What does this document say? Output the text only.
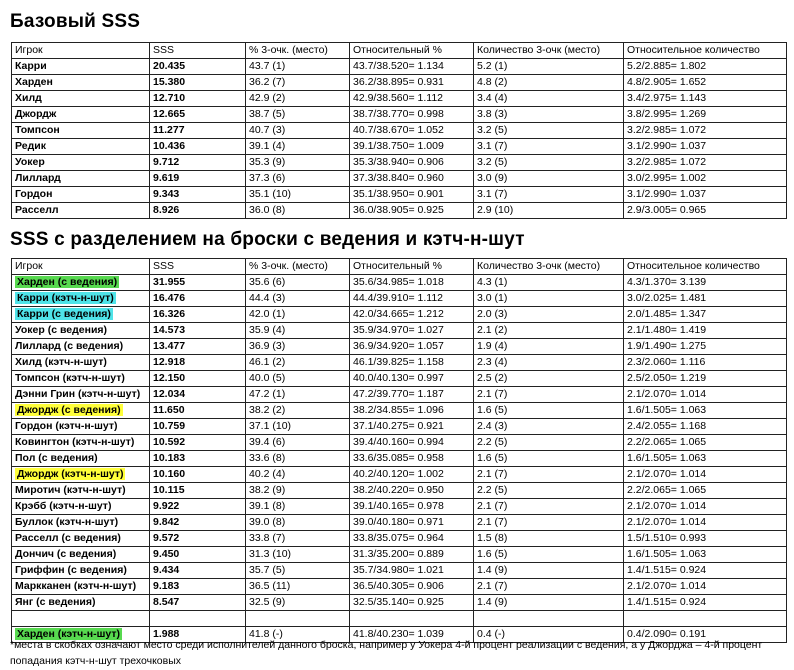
Базовый SSS
Игрок	SSS	% 3-очк. (место)	Относительный %	Количество 3-очк (место)	Относительное количество
Карри	20.435	43.7 (1)	43.7/38.520= 1.134	5.2 (1)	5.2/2.885= 1.802
Харден	15.380	36.2 (7)	36.2/38.895= 0.931	4.8 (2)	4.8/2.905= 1.652
Хилд	12.710	42.9 (2)	42.9/38.560= 1.112	3.4 (4)	3.4/2.975= 1.143
Джордж	12.665	38.7 (5)	38.7/38.770= 0.998	3.8 (3)	3.8/2.995= 1.269
Томпсон	11.277	40.7 (3)	40.7/38.670= 1.052	3.2 (5)	3.2/2.985= 1.072
Редик	10.436	39.1 (4)	39.1/38.750= 1.009	3.1 (7)	3.1/2.990= 1.037
Уокер	9.712	35.3 (9)	35.3/38.940= 0.906	3.2 (5)	3.2/2.985= 1.072
Лиллард	9.619	37.3 (6)	37.3/38.840= 0.960	3.0 (9)	3.0/2.995= 1.002
Гордон	9.343	35.1 (10)	35.1/38.950= 0.901	3.1 (7)	3.1/2.990= 1.037
Расселл	8.926	36.0 (8)	36.0/38.905= 0.925	2.9 (10)	2.9/3.005= 0.965
SSS с разделением на броски с ведения и кэтч-н-шут
Игрок	SSS	% 3-очк. (место)	Относительный %	Количество 3-очк (место)	Относительное количество
Харден (с ведения)	31.955	35.6 (6)	35.6/34.985= 1.018	4.3 (1)	4.3/1.370= 3.139
Карри (кэтч-н-шут)	16.476	44.4 (3)	44.4/39.910= 1.112	3.0 (1)	3.0/2.025= 1.481
Карри (с ведения)	16.326	42.0 (1)	42.0/34.665= 1.212	2.0 (3)	2.0/1.485= 1.347
Уокер (с ведения)	14.573	35.9 (4)	35.9/34.970= 1.027	2.1 (2)	2.1/1.480= 1.419
Лиллард (с ведения)	13.477	36.9 (3)	36.9/34.920= 1.057	1.9 (4)	1.9/1.490= 1.275
Хилд (кэтч-н-шут)	12.918	46.1 (2)	46.1/39.825= 1.158	2.3 (4)	2.3/2.060= 1.116
Томпсон (кэтч-н-шут)	12.150	40.0 (5)	40.0/40.130= 0.997	2.5 (2)	2.5/2.050= 1.219
Дэнни Грин (кэтч-н-шут)	12.034	47.2 (1)	47.2/39.770= 1.187	2.1 (7)	2.1/2.070= 1.014
Джордж (с ведения)	11.650	38.2 (2)	38.2/34.855= 1.096	1.6 (5)	1.6/1.505= 1.063
Гордон (кэтч-н-шут)	10.759	37.1 (10)	37.1/40.275= 0.921	2.4 (3)	2.4/2.055= 1.168
Ковингтон (кэтч-н-шут)	10.592	39.4 (6)	39.4/40.160= 0.994	2.2 (5)	2.2/2.065= 1.065
Пол (с ведения)	10.183	33.6 (8)	33.6/35.085= 0.958	1.6 (5)	1.6/1.505= 1.063
Джордж (кэтч-н-шут)	10.160	40.2 (4)	40.2/40.120= 1.002	2.1 (7)	2.1/2.070= 1.014
Миротич (кэтч-н-шут)	10.115	38.2 (9)	38.2/40.220= 0.950	2.2 (5)	2.2/2.065= 1.065
Крэбб (кэтч-н-шут)	9.922	39.1 (8)	39.1/40.165= 0.978	2.1 (7)	2.1/2.070= 1.014
Буллок (кэтч-н-шут)	9.842	39.0 (8)	39.0/40.180= 0.971	2.1 (7)	2.1/2.070= 1.014
Расселл (с ведения)	9.572	33.8 (7)	33.8/35.075= 0.964	1.5 (8)	1.5/1.510= 0.993
Дончич (с ведения)	9.450	31.3 (10)	31.3/35.200= 0.889	1.6 (5)	1.6/1.505= 1.063
Гриффин (с ведения)	9.434	35.7 (5)	35.7/34.980= 1.021	1.4 (9)	1.4/1.515= 0.924
Маркканен (кэтч-н-шут)	9.183	36.5 (11)	36.5/40.305= 0.906	2.1 (7)	2.1/2.070= 1.014
Янг (с ведения)	8.547	32.5 (9)	32.5/35.140= 0.925	1.4 (9)	1.4/1.515= 0.924

Харден (кэтч-н-шут)	1.988	41.8 (-)	41.8/40.230= 1.039	0.4 (-)	0.4/2.090= 0.191
*места в скобках означают место среди исполнителей данного броска, например у Уокера 4-й процент реализации с ведения, а у Джорджа – 4-й процент попадания кэтч-н-шут трехочковых
